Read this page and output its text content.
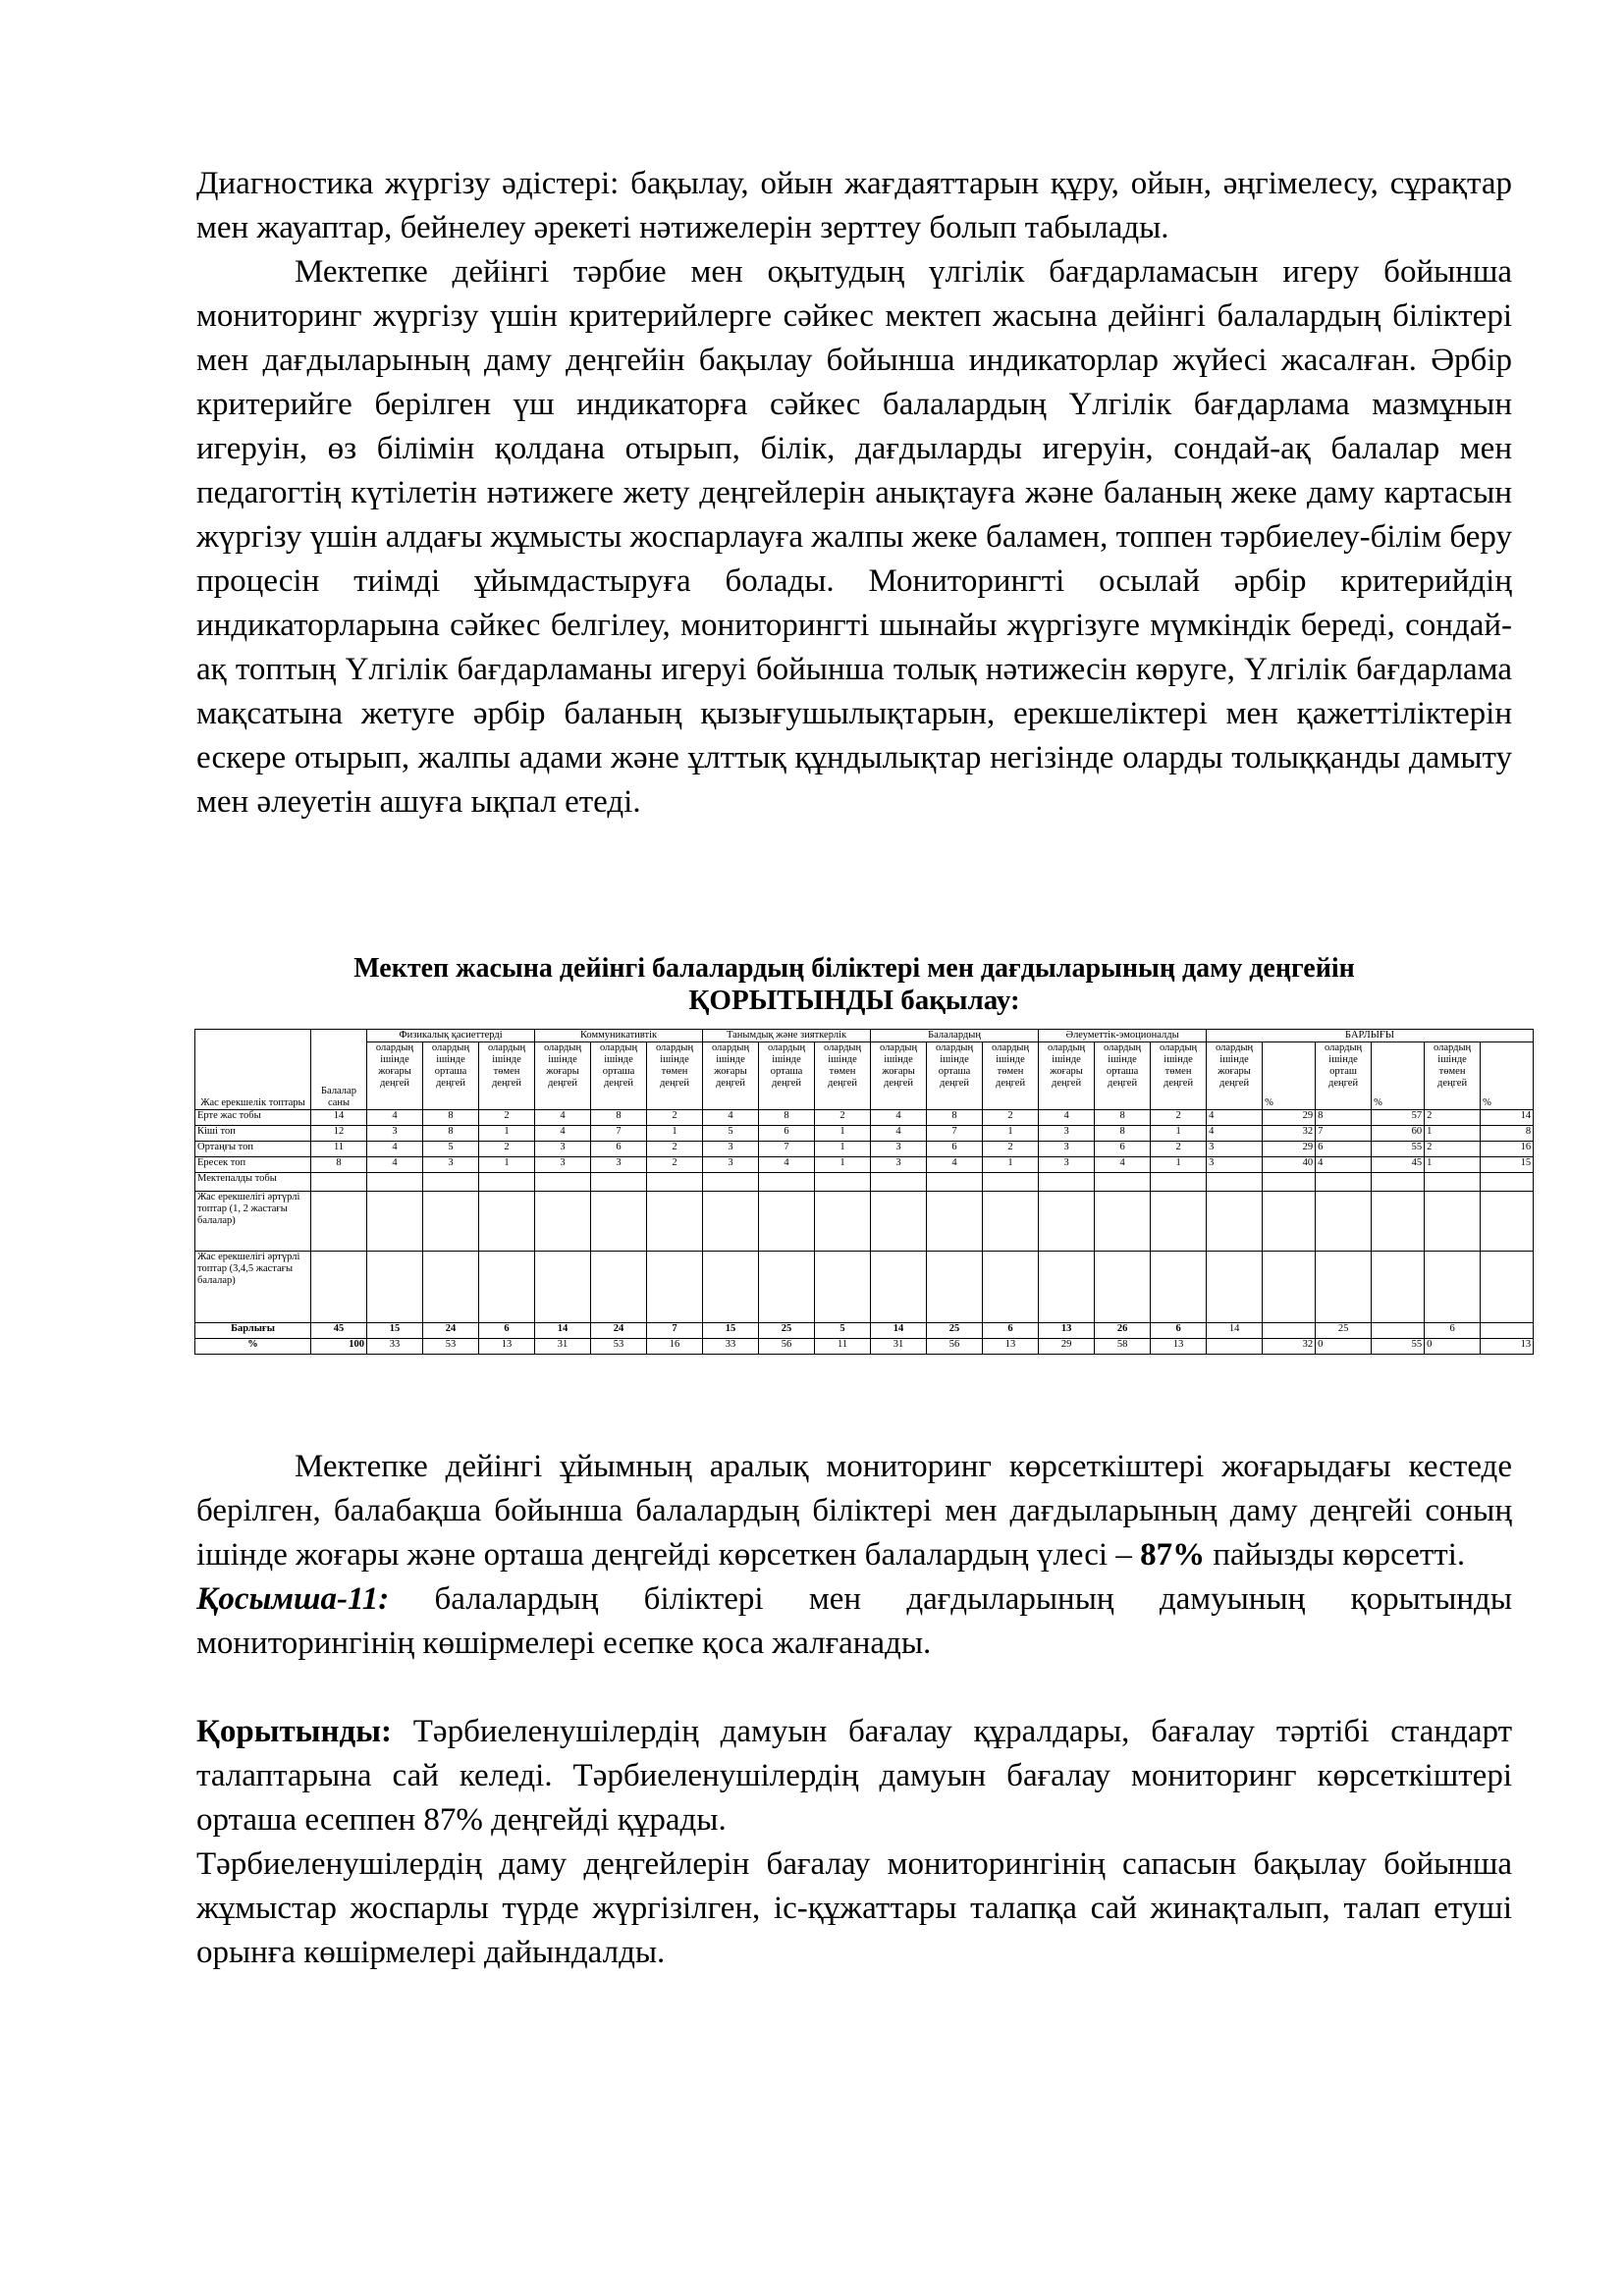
Диагностика жүргізу әдістері: бақылау, ойын жағдаяттарын құру, ойын, әңгімелесу, сұрақтар мен жауаптар, бейнелеу әрекеті нәтижелерін зерттеу болып табылады.

Мектепке дейінгі тәрбие мен оқытудың үлгілік бағдарламасын игеру бойынша мониторинг жүргізу үшін критерийлерге сәйкес мектеп жасына дейінгі балалардың біліктері мен дағдыларының даму деңгейін бақылау бойынша индикаторлар жүйесі жасалған. Әрбір критерийге берілген үш индикаторға сәйкес балалардың Үлгілік бағдарлама мазмұнын игеруін, өз білімін қолдана отырып, білік, дағдыларды игеруін, сондай-ақ балалар мен педагогтің күтілетін нәтижеге жету деңгейлерін анықтауға және баланың жеке даму картасын жүргізу үшін алдағы жұмысты жоспарлауға жалпы жеке баламен, топпен тәрбиелеу-білім беру процесін тиімді ұйымдастыруға болады. Мониторингті осылай әрбір критерийдің индикаторларына сәйкес белгілеу, мониторингті шынайы жүргізуге мүмкіндік береді, сондай-ақ топтың Үлгілік бағдарламаны игеруі бойынша толық нәтижесін көруге, Үлгілік бағдарлама мақсатына жетуге әрбір баланың қызығушылықтарын, ерекшеліктері мен қажеттіліктерін ескере отырып, жалпы адами және ұлттық құндылықтар негізінде оларды толыққанды дамыту мен әлеуетін ашуға ықпал етеді.

Мектеп жасына дейінгі балалардың біліктері мен дағдыларының даму деңгейін
ҚОРЫТЫНДЫ бақылау:
Жас ерекшелік топтары	Балалар саны	Физикалық қасиеттерді			Коммуникативтік			Танымдық және зияткерлік			Балалардың			Әлеуметтік-эмоционалды			БАРЛЫҒЫ					
		олардың ішінде жоғары деңгей	олардың ішінде орташа деңгей	олардың ішінде төмен деңгей	олардың ішінде жоғары деңгей	олардың ішінде орташа деңгей	олардың ішінде төмен деңгей	олардың ішінде жоғары деңгей	олардың ішінде орташа деңгей	олардың ішінде төмен деңгей	олардың ішінде жоғары деңгей	олардың ішінде орташа деңгей	олардың ішінде төмен деңгей	олардың ішінде жоғары деңгей	олардың ішінде орташа деңгей	олардың ішінде төмен деңгей	олардың ішінде жоғары деңгей	%	олардың ішінде орташ деңгей	%	олардың ішінде төмен деңгей	%
Ерте жас тобы	14	4	8	2	4	8	2	4	8	2	4	8	2	4	8	2	4	29	8	57	2	14
Кіші топ	12	3	8	1	4	7	1	5	6	1	4	7	1	3	8	1	4	32	7	60	1	8
Ортаңғы топ	11	4	5	2	3	6	2	3	7	1	3	6	2	3	6	2	3	29	6	55	2	16
Ересек топ	8	4	3	1	3	3	2	3	4	1	3	4	1	3	4	1	3	40	4	45	1	15
Мектепалды тобы																						
Жас ерекшелігі әртүрлі топтар (1, 2 жастағы балалар)																						
Жас ерекшелігі әртүрлі топтар (3,4,5 жастағы балалар)																						
Барлығы	45	15	24	6	14	24	7	15	25	5	14	25	6	13	26	6	14		25		6	
%	100	33	53	13	31	53	16	33	56	11	31	56	13	29	58	13		32	0	55	0	13

Мектепке дейінгі ұйымның аралық мониторинг көрсеткіштері жоғарыдағы кестеде берілген, балабақша бойынша балалардың біліктері мен дағдыларының даму деңгейі соның ішінде жоғары және орташа деңгейді көрсеткен балалардың үлесі – 87% пайызды көрсетті.

Қосымша-11: балалардың біліктері мен дағдыларының дамуының қорытынды мониторингінің көшірмелері есепке қоса жалғанады.

Қорытынды: Тәрбиеленушілердің дамуын бағалау құралдары, бағалау тәртібі стандарт талаптарына сай келеді. Тәрбиеленушілердің дамуын бағалау мониторинг көрсеткіштері орташа есеппен 87% деңгейді құрады.

Тәрбиеленушілердің даму деңгейлерін бағалау мониторингінің сапасын бақылау бойынша жұмыстар жоспарлы түрде жүргізілген, іс-құжаттары талапқа сай жинақталып, талап етуші орынға көшірмелері дайындалды.
